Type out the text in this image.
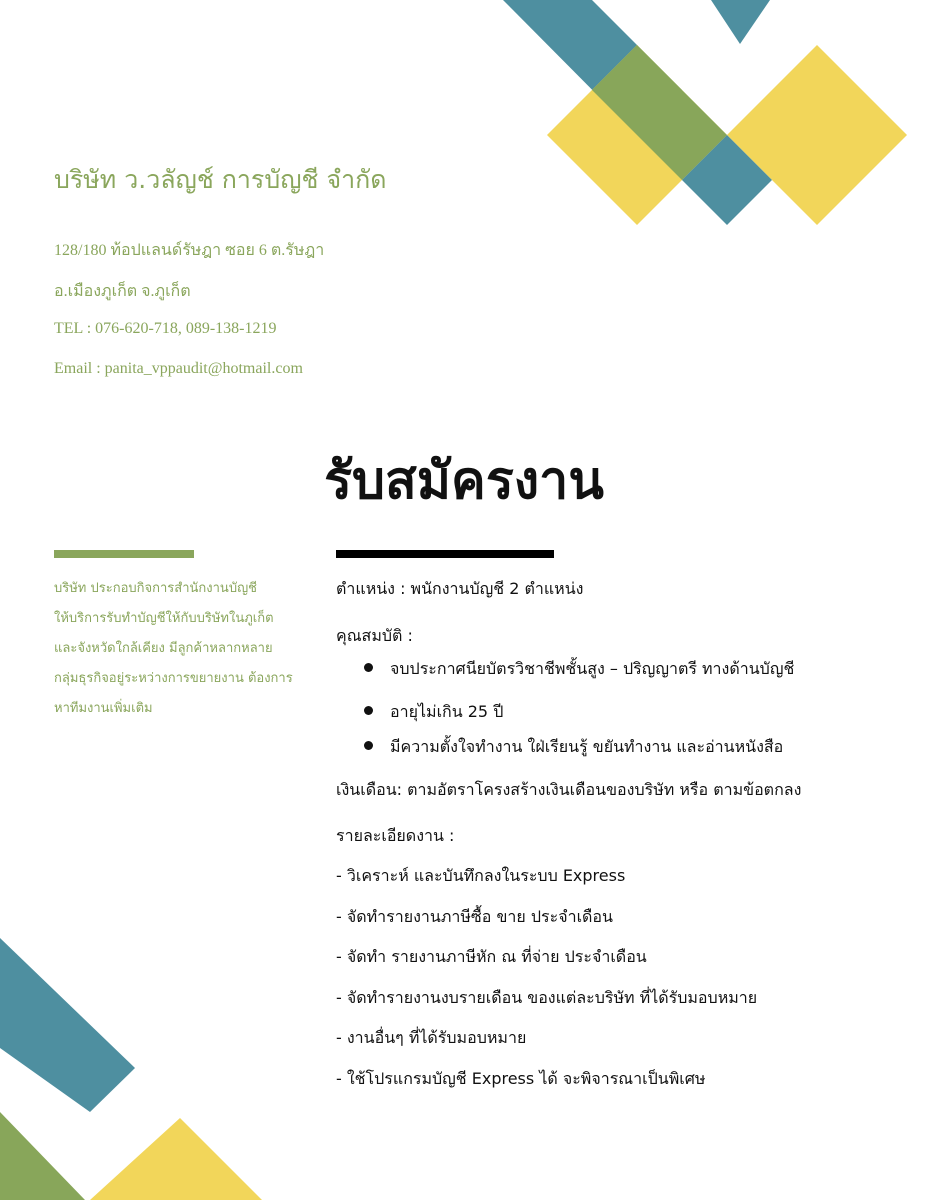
บริษัท ว.วลัญช์ การบัญชี จำกัด
128/180 ท้อปแลนด์รัษฎา ซอย 6 ต.รัษฎา
อ.เมืองภูเก็ต จ.ภูเก็ต
TEL : 076-620-718, 089-138-1219
Email : panita_vppaudit@hotmail.com
รับสมัครงาน
บริษัท ประกอบกิจการสำนักงานบัญชี
ให้บริการรับทำบัญชีให้กับบริษัทในภูเก็ต
และจังหวัดใกล้เคียง มีลูกค้าหลากหลาย
กลุ่มธุรกิจอยู่ระหว่างการขยายงาน ต้องการ
หาทีมงานเพิ่มเติม
ตำแหน่ง : พนักงานบัญชี 2 ตำแหน่ง
คุณสมบัติ :
จบประกาศนียบัตรวิชาชีพชั้นสูง – ปริญญาตรี ทางด้านบัญชี
อายุไม่เกิน 25 ปี
มีความตั้งใจทำงาน ใฝ่เรียนรู้ ขยันทำงาน และอ่านหนังสือ
เงินเดือน: ตามอัตราโครงสร้างเงินเดือนของบริษัท หรือ ตามข้อตกลง
รายละเอียดงาน :
- วิเคราะห์ และบันทึกลงในระบบ Express
- จัดทำรายงานภาษีซื้อ ขาย ประจำเดือน
- จัดทำ รายงานภาษีหัก ณ ที่จ่าย ประจำเดือน
- จัดทำรายงานงบรายเดือน ของแต่ละบริษัท ที่ได้รับมอบหมาย
- งานอื่นๆ ที่ได้รับมอบหมาย
- ใช้โปรแกรมบัญชี Express ได้ จะพิจารณาเป็นพิเศษ
